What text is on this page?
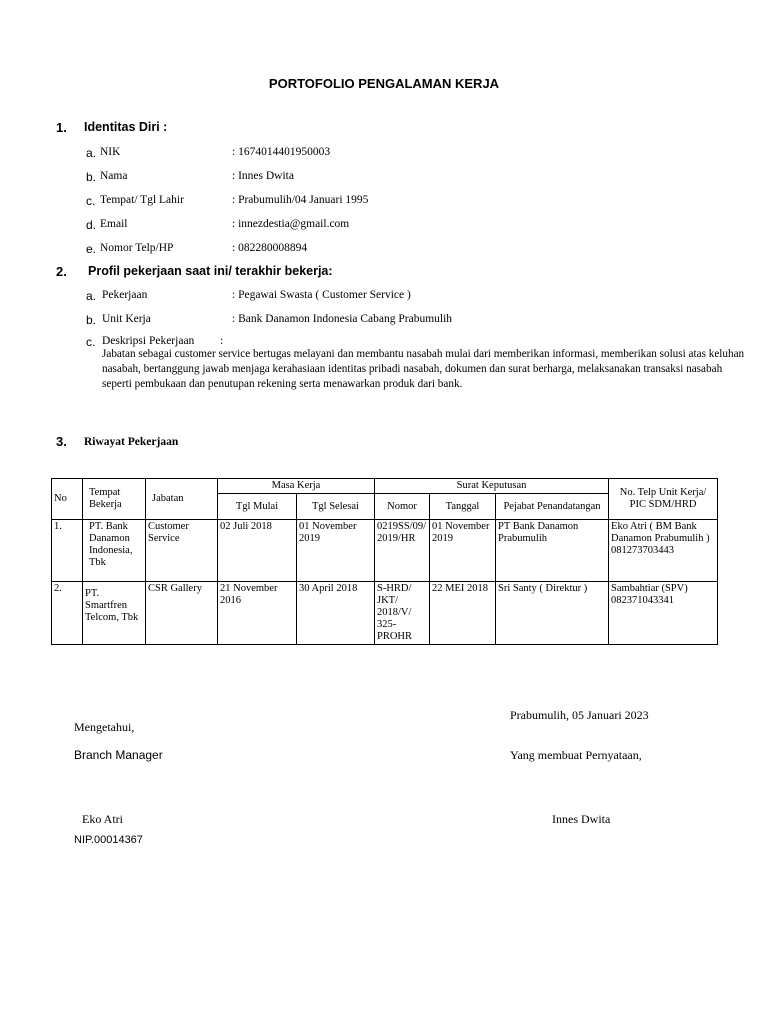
PORTOFOLIO PENGALAMAN KERJA
1. Identitas Diri :
a. NIK	: 1674014401950003
b. Nama	: Innes Dwita
c. Tempat/ Tgl Lahir	: Prabumulih/04 Januari 1995
d. Email	: innezdestia@gmail.com
e. Nomor Telp/HP	: 082280008894
2. Profil pekerjaan saat ini/ terakhir bekerja:
a. Pekerjaan	: Pegawai Swasta ( Customer Service )
b. Unit Kerja	: Bank Danamon Indonesia Cabang Prabumulih
c. Deskripsi Pekerjaan :
Jabatan sebagai customer service bertugas melayani dan membantu nasabah mulai dari memberikan informasi, memberikan solusi atas keluhan nasabah, bertanggung jawab menjaga kerahasiaan identitas pribadi nasabah, dokumen dan surat berharga, melaksanakan transaksi nasabah seperti pembukaan dan penutupan rekening serta menawarkan produk dari bank.
3. Riwayat Pekerjaan
No	Tempat Bekerja	Jabatan	Masa Kerja		Surat Keputusan			No. Telp Unit Kerja/ PIC SDM/HRD
			Tgl Mulai	Tgl Selesai	Nomor	Tanggal	Pejabat Penandatangan	
1.	PT. Bank Danamon Indonesia, Tbk	Customer Service	02 Juli 2018	01 November 2019	0219SS/09/ 2019/HR	01 November 2019	PT Bank Danamon Prabumulih	Eko Atri ( BM Bank Danamon Prabumulih ) 081273703443
2.	PT. Smartfren Telcom, Tbk	CSR Gallery	21 November 2016	30 April 2018	S-HRD/ JKT/ 2018/V/ 325-PROHR	22 MEI 2018	Sri Santy ( Direktur )	Sambahtiar (SPV) 082371043341
Prabumulih, 05 Januari 2023
Mengetahui,
Branch Manager	Yang membuat Pernyataan,
Eko Atri	Innes Dwita
NIP.00014367
